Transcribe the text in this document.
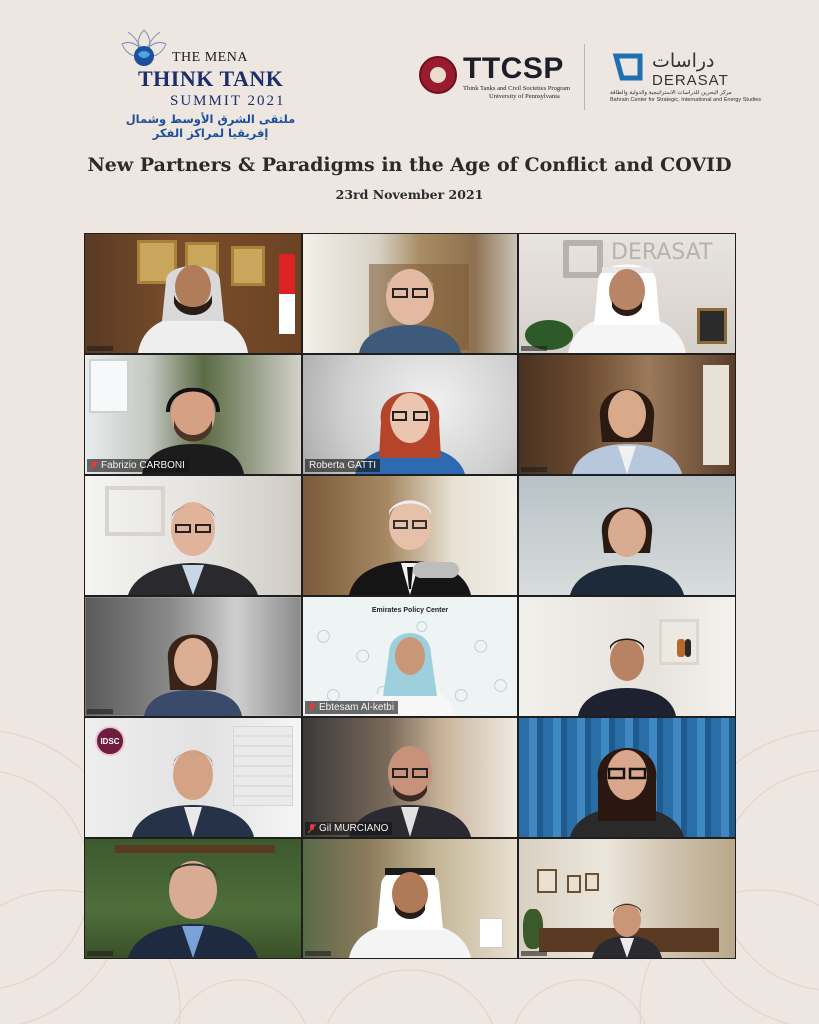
THE MENA
THINK TANK
SUMMIT 2021
ملتقى الشرق الأوسط وشمال إفريقيا لمراكز الفكر
TTCSP
Think Tanks and Civil Societies Program
University of Pennsylvania
دراسات
DERASAT
مركز البحرين للدراسات الاستراتيجية والدولية والطاقة
Bahrain Center for Strategic, International and Energy Studies
New Partners & Paradigms in the Age of Conflict and COVID
23rd November 2021
DERASAT
Fabrizio CARBONI	Roberta GATTI
Emirates Policy Center
Ebtesam Al-ketbi
IDSC
Gil MURCIANO
